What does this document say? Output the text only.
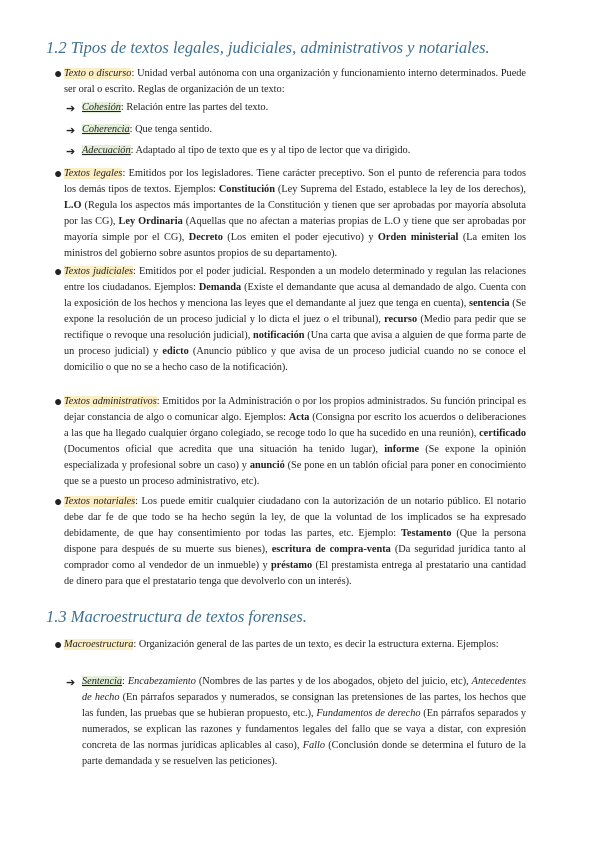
1.2 Tipos de textos legales, judiciales, administrativos y notariales.
● Texto o discurso: Unidad verbal autónoma con una organización y funcionamiento interno determinados. Puede ser oral o escrito. Reglas de organización de un texto:
➔ Cohesión: Relación entre las partes del texto.
➔ Coherencia: Que tenga sentido.
➔ Adecuación: Adaptado al tipo de texto que es y al tipo de lector que va dirigido.
● Textos legales: Emitidos por los legisladores. Tiene carácter preceptivo. Son el punto de referencia para todos los demás tipos de textos. Ejemplos: Constitución (Ley Suprema del Estado, establece la ley de los derechos), L.O (Regula los aspectos más importantes de la Constitución y tienen que ser aprobadas por mayoría absoluta por las CG), Ley Ordinaria (Aquellas que no afectan a materias propias de L.O y tiene que ser aprobadas por mayoría simple por el CG), Decreto (Los emiten el poder ejecutivo) y Orden ministerial (La emiten los ministros del gobierno sobre asuntos propios de su departamento).
● Textos judiciales: Emitidos por el poder judicial. Responden a un modelo determinado y regulan las relaciones entre los ciudadanos. Ejemplos: Demanda (Existe el demandante que acusa al demandado de algo. Cuenta con la exposición de los hechos y menciona las leyes que el demandante al juez que tenga en cuenta), sentencia (Se expone la resolución de un proceso judicial y lo dicta el juez o el tribunal), recurso (Medio para pedir que se rectifique o revoque una resolución judicial), notificación (Una carta que avisa a alguien de que forma parte de un proceso judicial) y edicto (Anuncio público y que avisa de un proceso judicial cuando no se conoce el domicilio o que no se a hecho caso de la notificación).
● Textos administrativos: Emitidos por la Administración o por los propios administrados. Su función principal es dejar constancia de algo o comunicar algo. Ejemplos: Acta (Consigna por escrito los acuerdos o deliberaciones a las que ha llegado cualquier órgano colegiado, se recoge todo lo que ha sucedido en una reunión), certificado (Documentos oficial que acredita que una situación ha tenido lugar), informe (Se expone la opinión especializada y profesional sobre un caso) y anunció (Se pone en un tablón oficial para poner en conocimiento que se a puesto un proceso administrativo, etc).
● Textos notariales: Los puede emitir cualquier ciudadano con la autorización de un notario público. El notario debe dar fe de que todo se ha hecho según la ley, de que la voluntad de los implicados se ha expresado debidamente, de que hay consentimiento por todas las partes, etc. Ejemplo: Testamento (Que la persona dispone para después de su muerte sus bienes), escritura de compra-venta (Da seguridad jurídica tanto al comprador como al vendedor de un inmueble) y préstamo (El prestamista entrega al prestatario una cantidad de dinero para que el prestatario tenga que devolverlo con un interés).
1.3 Macroestructura de textos forenses.
● Macroestructura: Organización general de las partes de un texto, es decir la estructura externa. Ejemplos:
➔ Sentencia: Encabezamiento (Nombres de las partes y de los abogados, objeto del juicio, etc), Antecedentes de hecho (En párrafos separados y numerados, se consignan las pretensiones de las partes, los hechos que las funden, las pruebas que se hubieran propuesto, etc.), Fundamentos de derecho (En párrafos separados y numerados, se explican las razones y fundamentos legales del fallo que se vaya a distar, con expresión concreta de las normas jurídicas aplicables al caso), Fallo (Conclusión donde se determina el futuro de la parte demandada y se resuelven las peticiones).
